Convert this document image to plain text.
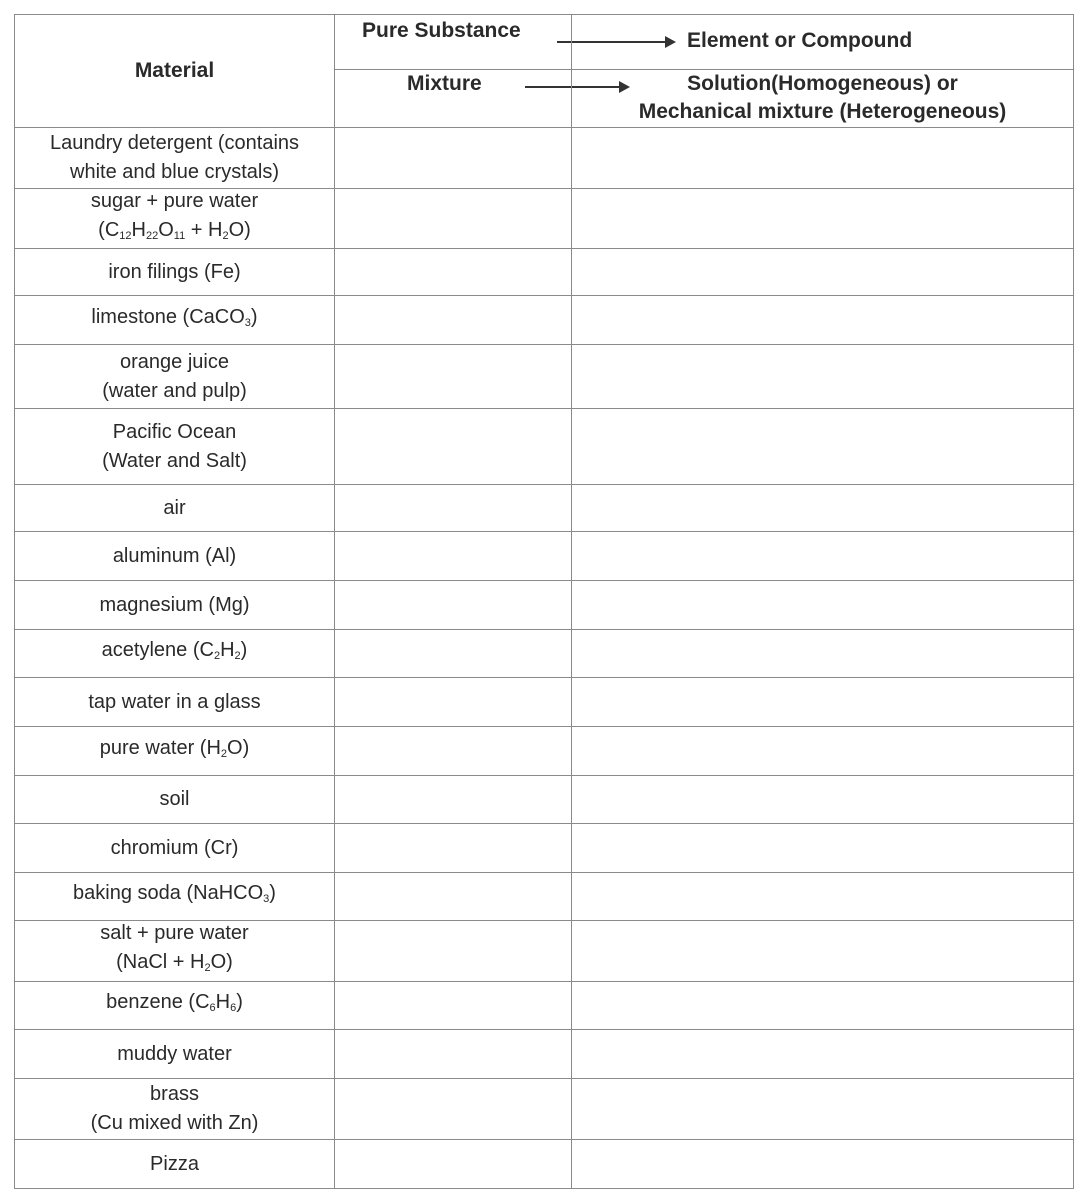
Material
Pure Substance	Element or Compound
Mixture	Solution(Homogeneous) or
Mechanical mixture (Heterogeneous)
Laundry detergent (contains
white and blue crystals)
sugar + pure water
$(C_{12}H_{22}O_{11} + H_2O)$
iron filings (Fe)
limestone (CaCO$_3$)
orange juice
(water and pulp)
Pacific Ocean
(Water and Salt)
air
aluminum (Al)
magnesium (Mg)
acetylene $(C_2H_2)$
tap water in a glass
pure water $(H_2O)$
soil
chromium (Cr)
baking soda (NaHCO$_3$)
salt + pure water
(NaCl + $H_2O$)
benzene $(C_6H_6)$
muddy water
brass
(Cu mixed with Zn)
Pizza
